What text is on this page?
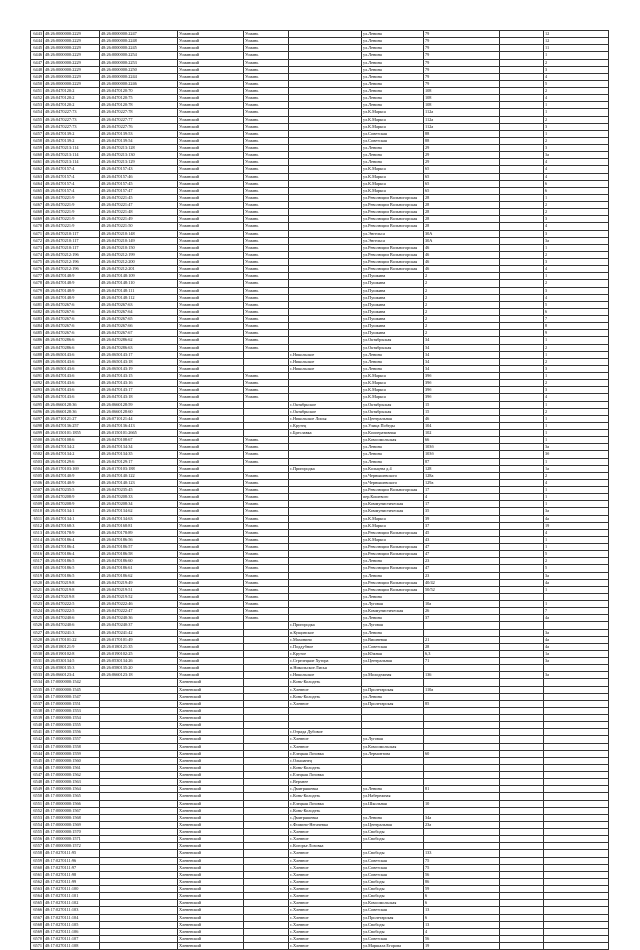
6443	48:26:0000000:2229	48:26:0000000:2247	Усманский	Усмань		ул.Ленина	79		12
6444	48:26:0000000:2229	48:26:0000000:2248	Усманский	Усмань		ул.Ленина	79		12
6445	48:26:0000000:2229	48:26:0000000:2245	Усманский	Усмань		ул.Ленина	79		11
6446	48:26:0000000:2229	48:26:0000000:2254	Усманский	Усмань		ул.Ленина	79		1
6447	48:26:0000000:2229	48:26:0000000:2253	Усманский	Усмань		ул.Ленина	79		2
6448	48:26:0000000:2229	48:26:0000000:2250	Усманский	Усмань		ул.Ленина	79		3
6449	48:26:0000000:2229	48:26:0000000:2244	Усманский	Усмань		ул.Ленина	79		4
6450	48:26:0000000:2229	48:26:0000000:2246	Усманский	Усмань		ул.Ленина	79		5
6451	48:26:0470120:2	48:26:0470120:70	Усманский	Усмань		ул.Ленина	108		2
6452	48:26:0470120:2	48:26:0470120:75	Усманский	Усмань		ул.Ленина	108		4
6453	48:26:0470120:2	48:26:0470120:78	Усманский	Усмань		ул.Ленина	108		1
6454	48:26:0470227:73	48:26:0470227:78	Усманский	Усмань		ул.К.Маркса	112а		1
6455	48:26:0470227:73	48:26:0470227:77	Усманский	Усмань		ул.К.Маркса	112а		2
6456	48:26:0470227:73	48:26:0470227:76	Усманский	Усмань		ул.К.Маркса	112а		3
6457	48:26:0470139:2	48:26:0470139:53	Усманский	Усмань		ул.Советская	88		1
6458	48:26:0470139:2	48:26:0470139:54	Усманский	Усмань		ул.Советская	88		2
6459	48:26:0470213:114	48:26:0470213:128	Усманский	Усмань		ул.Ленина	29		3
6460	48:26:0470213:114	48:26:0470213:130	Усманский	Усмань		ул.Ленина	29		3а
6461	48:26:0470213:114	48:26:0470213:129	Усманский	Усмань		ул.Ленина	29		4
6462	48:26:0470157:4	48:26:0470157:43	Усманский	Усмань		ул.К.Маркса	65		4
6463	48:26:0470157:4	48:26:0470157:46	Усманский	Усмань		ул.К.Маркса	65		4
6464	48:26:0470157:4	48:26:0470157:45	Усманский	Усмань		ул.К.Маркса	65		6
6465	48:26:0470157:4	48:26:0470157:47	Усманский	Усмань		ул.К.Маркса	65		6
6466	48:26:0470221:9	48:26:0470221:45	Усманский	Усмань		ул.Революции Вольногорская	28		1
6467	48:26:0470221:9	48:26:0470221:47	Усманский	Усмань		ул.Революции Вольногорская	28		2
6468	48:26:0470221:9	48:26:0470221:48	Усманский	Усмань		ул.Революции Вольногорская	28		2
6469	48:26:0470221:9	48:26:0470221:49	Усманский	Усмань		ул.Революции Вольногорская	28		3
6470	48:26:0470221:9	48:26:0470221:50	Усманский	Усмань		ул.Революции Вольногорская	28		4
6471	48:26:0470210:117	48:26:0470210:148	Усманский	Усмань		ул.Энгельса	30А		3
6472	48:26:0470210:117	48:26:0470210:149	Усманский	Усмань		ул.Энгельса	30А		3а
6473	48:26:0470210:117	48:26:0470210:150	Усманский	Усмань		ул.Революции Вольногорская	46		1
6474	48:26:0470212:196	48:26:0470212:199	Усманский	Усмань		ул.Революции Вольногорская	46		2
6475	48:26:0470212:196	48:26:0470212:200	Усманский	Усмань		ул.Революции Вольногорская	46		3
6476	48:26:0470212:196	48:26:0470212:201	Усманский	Усмань		ул.Революции Вольногорская	46		4
6477	48:26:0470148:9	48:26:0470148:109	Усманский	Усмань		ул.Пушкина	2		1
6478	48:26:0470148:9	48:26:0470148:110	Усманский	Усмань		ул.Пушкина	2		2
6479	48:26:0470148:9	48:26:0470148:111	Усманский	Усмань		ул.Пушкина	2		3
6480	48:26:0470148:9	48:26:0470148:112	Усманский	Усмань		ул.Пушкина	2		4
6481	48:26:0470267:6	48:26:0470267:63	Усманский	Усмань		ул.Пушкина	2		5
6482	48:26:0470267:6	48:26:0470267:64	Усманский	Усмань		ул.Пушкина	2		6
6483	48:26:0470267:6	48:26:0470267:65	Усманский	Усмань		ул.Пушкина	2		7
6484	48:26:0470267:6	48:26:0470267:66	Усманский	Усмань		ул.Пушкина	2		8
6485	48:26:0470267:6	48:26:0470267:67	Усманский	Усмань		ул.Пушкина	2		9
6486	48:26:0470286:6	48:26:0470286:62	Усманский	Усмань		ул.Октябрьская	34		1
6487	48:26:0470286:6	48:26:0470286:63	Усманский	Усмань		ул.Октябрьская	34		2
6488	48:26:0650143:6	48:26:0650143:17	Усманский		с.Никольское	ул.Ленина	34		1
6489	48:26:0650143:6	48:26:0650143:18	Усманский		с.Никольское	ул.Ленина	34		2
6490	48:26:0650143:6	48:26:0650143:19	Усманский		с.Никольское	ул.Ленина	34		3
6491	48:26:0470143:6	48:26:0470143:15	Усманский	Усмань		ул.К.Маркса	39б		1
6492	48:26:0470143:6	48:26:0470143:16	Усманский	Усмань		ул.К.Маркса	39б		2
6493	48:26:0470143:6	48:26:0470143:17	Усманский	Усмань		ул.К.Маркса	39б		3
6494	48:26:0470143:6	48:26:0470143:18	Усманский	Усмань		ул.К.Маркса	39б		4
6495	48:26:0660128:36	48:26:0660128:59	Усманский		с.Октябрьское	ул.Октябрьская	15		1
6496	48:26:0660128:36	48:26:0660128:60	Усманский		с.Октябрьское	ул.Октябрьская	15		2
6497	48:26:0710121:27	48:26:0710121:44	Усманский		с.Никольское Лисья	ул.Центральная	46		1
6498	48:26:0470136:257	48:26:0470136:413	Усманский		с.Крутец	ул.Улица Победы	104		1
6499	48:26:0150101:1855	48:26:0150101:2665	Усманский		с.Бреславка	ул.Кооперативная	102		1
6500	48:26:0470108:6	48:26:0470108:67	Усманский	Усмань		ул.Комсомольская	66		1
6501	48:26:0470134:2	48:26:0470134:34	Усманский	Усмань		ул.Ленина	103б		3а
6502	48:26:0470134:2	48:26:0470134:35	Усманский	Усмань		ул.Ленина	103б		3б
6503	48:26:0470129:6	48:26:0470129:17	Усманский	Усмань		ул.Ленина	87		1
6504	48:26:0170103:169	48:26:0170103:188	Усманский		с.Пригородка	ул.Кольцева д.4	128		1а
6505	48:26:0470140:9	48:26:0470140:122	Усманский	Усмань		ул.Чернышевского	128а		2
6506	48:26:0470140:9	48:26:0470140:123	Усманский	Усмань		ул.Чернышевского	129а		4
6507	48:26:0470235:5	48:26:0470235:45	Усманский	Усмань		ул.Революции Вольногорская	17		1
6508	48:26:0470208:9	48:26:0470208:33	Усманский	Усмань		пер.Кошевого	4		1
6509	48:26:0470208:9	48:26:0470208:34	Усманский	Усмань		ул.Коммунистическая	17		1
6510	48:26:0470134:1	48:26:0470134:62	Усманский	Усмань		ул.Коммунистическая	35		3а
6511	48:26:0470134:1	48:26:0470134:63	Усманский	Усмань		ул.К.Маркса	39		4а
6512	48:26:0470168:3	48:26:0470168:81	Усманский	Усмань		ул.К.Маркса	37		19
6513	48:26:0470178:9	48:26:0470178:89	Усманский	Усмань		ул.Революции Вольногорская	45		4
6514	48:26:0470186:4	48:26:0470186:56	Усманский	Усмань		ул.К.Маркса	43		1
6515	48:26:0470186:4	48:26:0470186:57	Усманский	Усмань		ул.Революции Вольногорская	47		1
6516	48:26:0470186:4	48:26:0470186:58	Усманский	Усмань		ул.Революции Вольногорская	47		5
6517	48:26:0470186:5	48:26:0470186:60	Усманский	Усмань		ул.Ленина	23		2
6518	48:26:0470186:5	48:26:0470186:61	Усманский	Усмань		ул.Революции Вольногорская	47		5
6519	48:26:0470186:5	48:26:0470186:62	Усманский	Усмань		ул.Ленина	23		3а
6520	48:26:0470219:8	48:26:0470219:49	Усманский	Усмань		ул.Революции Вольногорская	40/42		4а
6521	48:26:0470219:8	48:26:0470219:51	Усманский	Усмань		ул.Революции Вольногорская	50/52		1
6522	48:26:0470219:8	48:26:0470219:52	Усманский	Усмань		ул.Ленина			
6523	48:26:0470222:5	48:26:0470222:46	Усманский	Усмань		ул.Луговая	10а		1
6524	48:26:0470222:5	48:26:0470222:47	Усманский	Усмань		ул.Коммунистическая	26		7
6525	48:26:0470240:6	48:26:0470240:36	Усманский	Усмань		ул.Ленина	37		4а
6526	48:26:0470240:6	48:26:0470240:37	Усманский		с.Пригородка	ул.Луговая			
6527	48:26:0470241:3	48:26:0470241:42	Усманский		п.Кущинское	ул.Ленина			3а
6528	48:26:0170101:22	48:26:0170101:49	Усманский		с.Махонино	ул.Вишневая	21		4а
6529	48:26:0180121:9	48:26:0180121:35	Усманский		с.Поддубное	ул.Советская	28		4а
6530	48:26:0190102:8	48:26:0190102:25	Усманский		с.Крутое	ул.Южная	6,3		1а
6531	48:26:0530134:5	48:26:0530134:26	Усманский		с.Стрелецкие Хутора	ул.Центральная	71		3а
6532	48:26:0580135:3	48:26:0580135:20	Усманский		п.Никольское Лисья				
6533	48:26:0660123:4	48:26:0660123:18	Усманский		с.Никольское	ул.Молодежная	136		3а
6534	48:17:0000000:1542		Хлевенский		с.Конь-Колодезь				
6535	48:17:0000000:1545		Хлевенский		с.Хлевное	ул.Пролетарская	110а		
6536	48:17:0000000:1547		Хлевенский		с.Конь-Колодезь	ул.Ленина			
6537	48:17:0000000:1551		Хлевенский		с.Хлевное	ул.Пролетарская	85		
6538	48:17:0000000:1553		Хлевенский						
6539	48:17:0000000:1554		Хлевенский						
6540	48:17:0000000:1555		Хлевенский						
6541	48:17:0000000:1556		Хлевенский		с.Отрада Дубовое				
6542	48:17:0000000:1557		Хлевенский		с.Хлевное	ул.Луговая			
6543	48:17:0000000:1558		Хлевенский		с.Хлевное	ул.Комсомольская			
6544	48:17:0000000:1559		Хлевенский		с.Елецкая Лозовка	ул.Лермонтова	60		
6545	48:17:0000000:1560		Хлевенский		с.Ольшанец				
6546	48:17:0000000:1561		Хлевенский		с.Конь-Колодезь				
6547	48:17:0000000:1562		Хлевенский		с.Елецкая Лозовка				
6548	48:17:0000000:1563		Хлевенский		с.Верхнее				
6549	48:17:0000000:1564		Хлевенский		с.Дмитряшевка	ул.Ленина	81		
6550	48:17:0000000:1565		Хлевенский		с.Конь-Колодезь	ул.Набережная			
6551	48:17:0000000:1566		Хлевенский		с.Елецкая Лозовка	ул.Школьная	10		
6552	48:17:0000000:1567		Хлевенский		с.Конь-Колодезь				
6553	48:17:0000000:1568		Хлевенский		с.Дмитряшевка	ул.Ленина	34а		
6554	48:17:0000000:1569		Хлевенский		с.Фомино-Негачевка	ул.Центральная	23а		
6555	48:17:0000000:1570		Хлевенский		с.Хлевное	ул.Свободы			
6556	48:17:0000000:1571		Хлевенский		с.Хлевное	ул.Свободы			
6557	48:17:0000000:1572		Хлевенский		с.Когорье Лозовка				
6558	48:17:0270111:95		Хлевенский		с.Хлевное	ул.Свободы	133		
6559	48:17:0270111:96		Хлевенский		с.Хлевное	ул.Советская	75		
6560	48:17:0270111:97		Хлевенский		с.Хлевное	ул.Советская	75		
6561	48:17:0270111:98		Хлевенский		с.Хлевное	ул.Советская	56		
6562	48:17:0270111:99		Хлевенский		с.Хлевное	ул.Свободы	86		
6563	48:17:0270111:100		Хлевенский		с.Хлевное	ул.Свободы	59		
6564	48:17:0270111:101		Хлевенский		с.Хлевное	ул.Свободы	6		
6565	48:17:0270111:102		Хлевенский		с.Хлевное	ул.Комсомольская	6		
6566	48:17:0270111:103		Хлевенский		с.Хлевное	ул.Советская	13		
6567	48:17:0270111:104		Хлевенский		с.Хлевное	ул.Пролетарская	6		
6568	48:17:0270111:105		Хлевенский		с.Хлевное	ул.Свободы	13		
6569	48:17:0270111:106		Хлевенский		с.Хлевное	ул.Свободы	4		
6570	48:17:0270111:107		Хлевенский		с.Хлевное	ул.Советская	56		
6571	48:17:0270111:108		Хлевенский		с.Хлевное	ул.Маршала Егорова	19		
